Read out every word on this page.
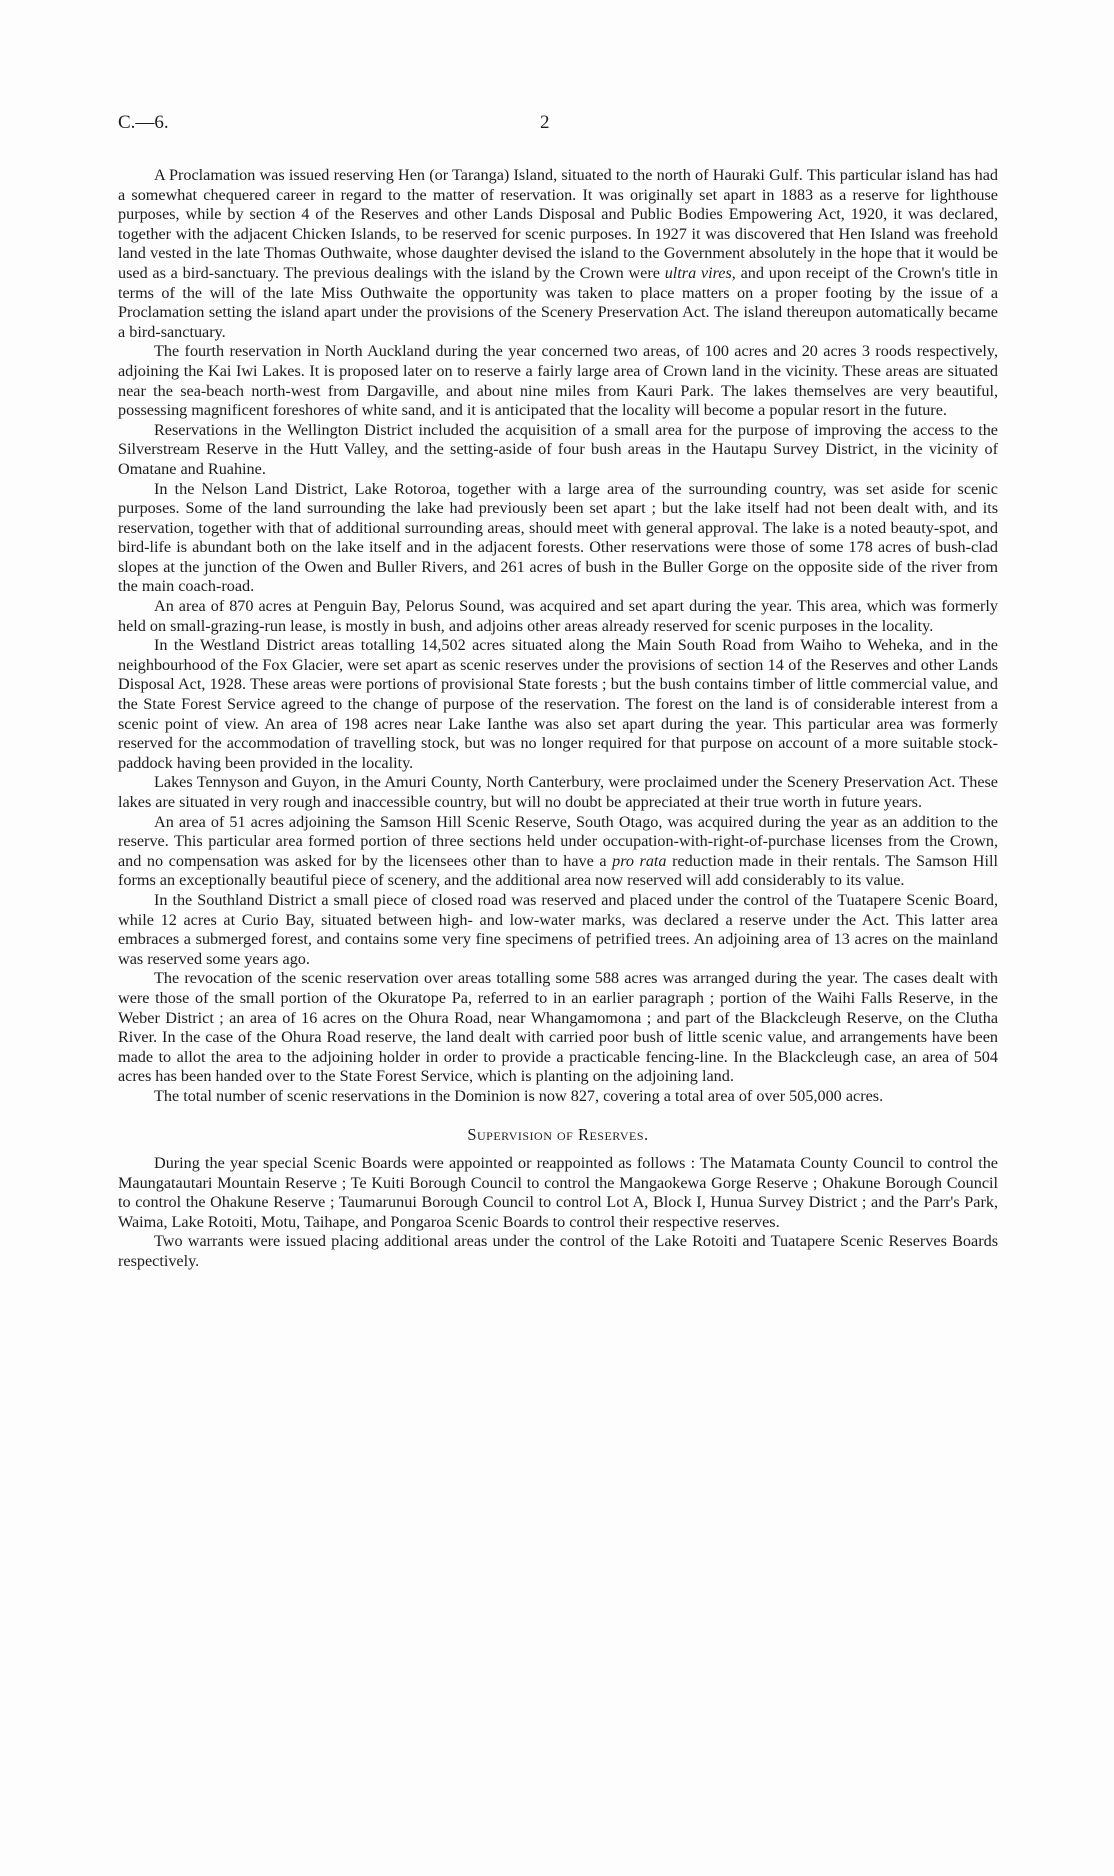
C.—6.	2

A Proclamation was issued reserving Hen (or Taranga) Island, situated to the north of Hauraki Gulf. This particular island has had a somewhat chequered career in regard to the matter of reservation. It was originally set apart in 1883 as a reserve for lighthouse purposes, while by section 4 of the Reserves and other Lands Disposal and Public Bodies Empowering Act, 1920, it was declared, together with the adjacent Chicken Islands, to be reserved for scenic purposes. In 1927 it was discovered that Hen Island was freehold land vested in the late Thomas Outhwaite, whose daughter devised the island to the Government absolutely in the hope that it would be used as a bird-sanctuary. The previous dealings with the island by the Crown were ultra vires, and upon receipt of the Crown's title in terms of the will of the late Miss Outhwaite the opportunity was taken to place matters on a proper footing by the issue of a Proclamation setting the island apart under the provisions of the Scenery Preservation Act. The island thereupon automatically became a bird-sanctuary.

The fourth reservation in North Auckland during the year concerned two areas, of 100 acres and 20 acres 3 roods respectively, adjoining the Kai Iwi Lakes. It is proposed later on to reserve a fairly large area of Crown land in the vicinity. These areas are situated near the sea-beach north-west from Dargaville, and about nine miles from Kauri Park. The lakes themselves are very beautiful, possessing magnificent foreshores of white sand, and it is anticipated that the locality will become a popular resort in the future.

Reservations in the Wellington District included the acquisition of a small area for the purpose of improving the access to the Silverstream Reserve in the Hutt Valley, and the setting-aside of four bush areas in the Hautapu Survey District, in the vicinity of Omatane and Ruahine.

In the Nelson Land District, Lake Rotoroa, together with a large area of the surrounding country, was set aside for scenic purposes. Some of the land surrounding the lake had previously been set apart ; but the lake itself had not been dealt with, and its reservation, together with that of additional surrounding areas, should meet with general approval. The lake is a noted beauty-spot, and bird-life is abundant both on the lake itself and in the adjacent forests. Other reservations were those of some 178 acres of bush-clad slopes at the junction of the Owen and Buller Rivers, and 261 acres of bush in the Buller Gorge on the opposite side of the river from the main coach-road.

An area of 870 acres at Penguin Bay, Pelorus Sound, was acquired and set apart during the year. This area, which was formerly held on small-grazing-run lease, is mostly in bush, and adjoins other areas already reserved for scenic purposes in the locality.

In the Westland District areas totalling 14,502 acres situated along the Main South Road from Waiho to Weheka, and in the neighbourhood of the Fox Glacier, were set apart as scenic reserves under the provisions of section 14 of the Reserves and other Lands Disposal Act, 1928. These areas were portions of provisional State forests ; but the bush contains timber of little commercial value, and the State Forest Service agreed to the change of purpose of the reservation. The forest on the land is of considerable interest from a scenic point of view. An area of 198 acres near Lake Ianthe was also set apart during the year. This particular area was formerly reserved for the accommodation of travelling stock, but was no longer required for that purpose on account of a more suitable stock-paddock having been provided in the locality.

Lakes Tennyson and Guyon, in the Amuri County, North Canterbury, were proclaimed under the Scenery Preservation Act. These lakes are situated in very rough and inaccessible country, but will no doubt be appreciated at their true worth in future years.

An area of 51 acres adjoining the Samson Hill Scenic Reserve, South Otago, was acquired during the year as an addition to the reserve. This particular area formed portion of three sections held under occupation-with-right-of-purchase licenses from the Crown, and no compensation was asked for by the licensees other than to have a pro rata reduction made in their rentals. The Samson Hill forms an exceptionally beautiful piece of scenery, and the additional area now reserved will add considerably to its value.

In the Southland District a small piece of closed road was reserved and placed under the control of the Tuatapere Scenic Board, while 12 acres at Curio Bay, situated between high- and low-water marks, was declared a reserve under the Act. This latter area embraces a submerged forest, and contains some very fine specimens of petrified trees. An adjoining area of 13 acres on the mainland was reserved some years ago.

The revocation of the scenic reservation over areas totalling some 588 acres was arranged during the year. The cases dealt with were those of the small portion of the Okuratope Pa, referred to in an earlier paragraph ; portion of the Waihi Falls Reserve, in the Weber District ; an area of 16 acres on the Ohura Road, near Whangamomona ; and part of the Blackcleugh Reserve, on the Clutha River. In the case of the Ohura Road reserve, the land dealt with carried poor bush of little scenic value, and arrangements have been made to allot the area to the adjoining holder in order to provide a practicable fencing-line. In the Blackcleugh case, an area of 504 acres has been handed over to the State Forest Service, which is planting on the adjoining land.

The total number of scenic reservations in the Dominion is now 827, covering a total area of over 505,000 acres.

Supervision of Reserves.

During the year special Scenic Boards were appointed or reappointed as follows : The Matamata County Council to control the Maungatautari Mountain Reserve ; Te Kuiti Borough Council to control the Mangaokewa Gorge Reserve ; Ohakune Borough Council to control the Ohakune Reserve ; Taumarunui Borough Council to control Lot A, Block I, Hunua Survey District ; and the Parr's Park, Waima, Lake Rotoiti, Motu, Taihape, and Pongaroa Scenic Boards to control their respective reserves.

Two warrants were issued placing additional areas under the control of the Lake Rotoiti and Tuatapere Scenic Reserves Boards respectively.
